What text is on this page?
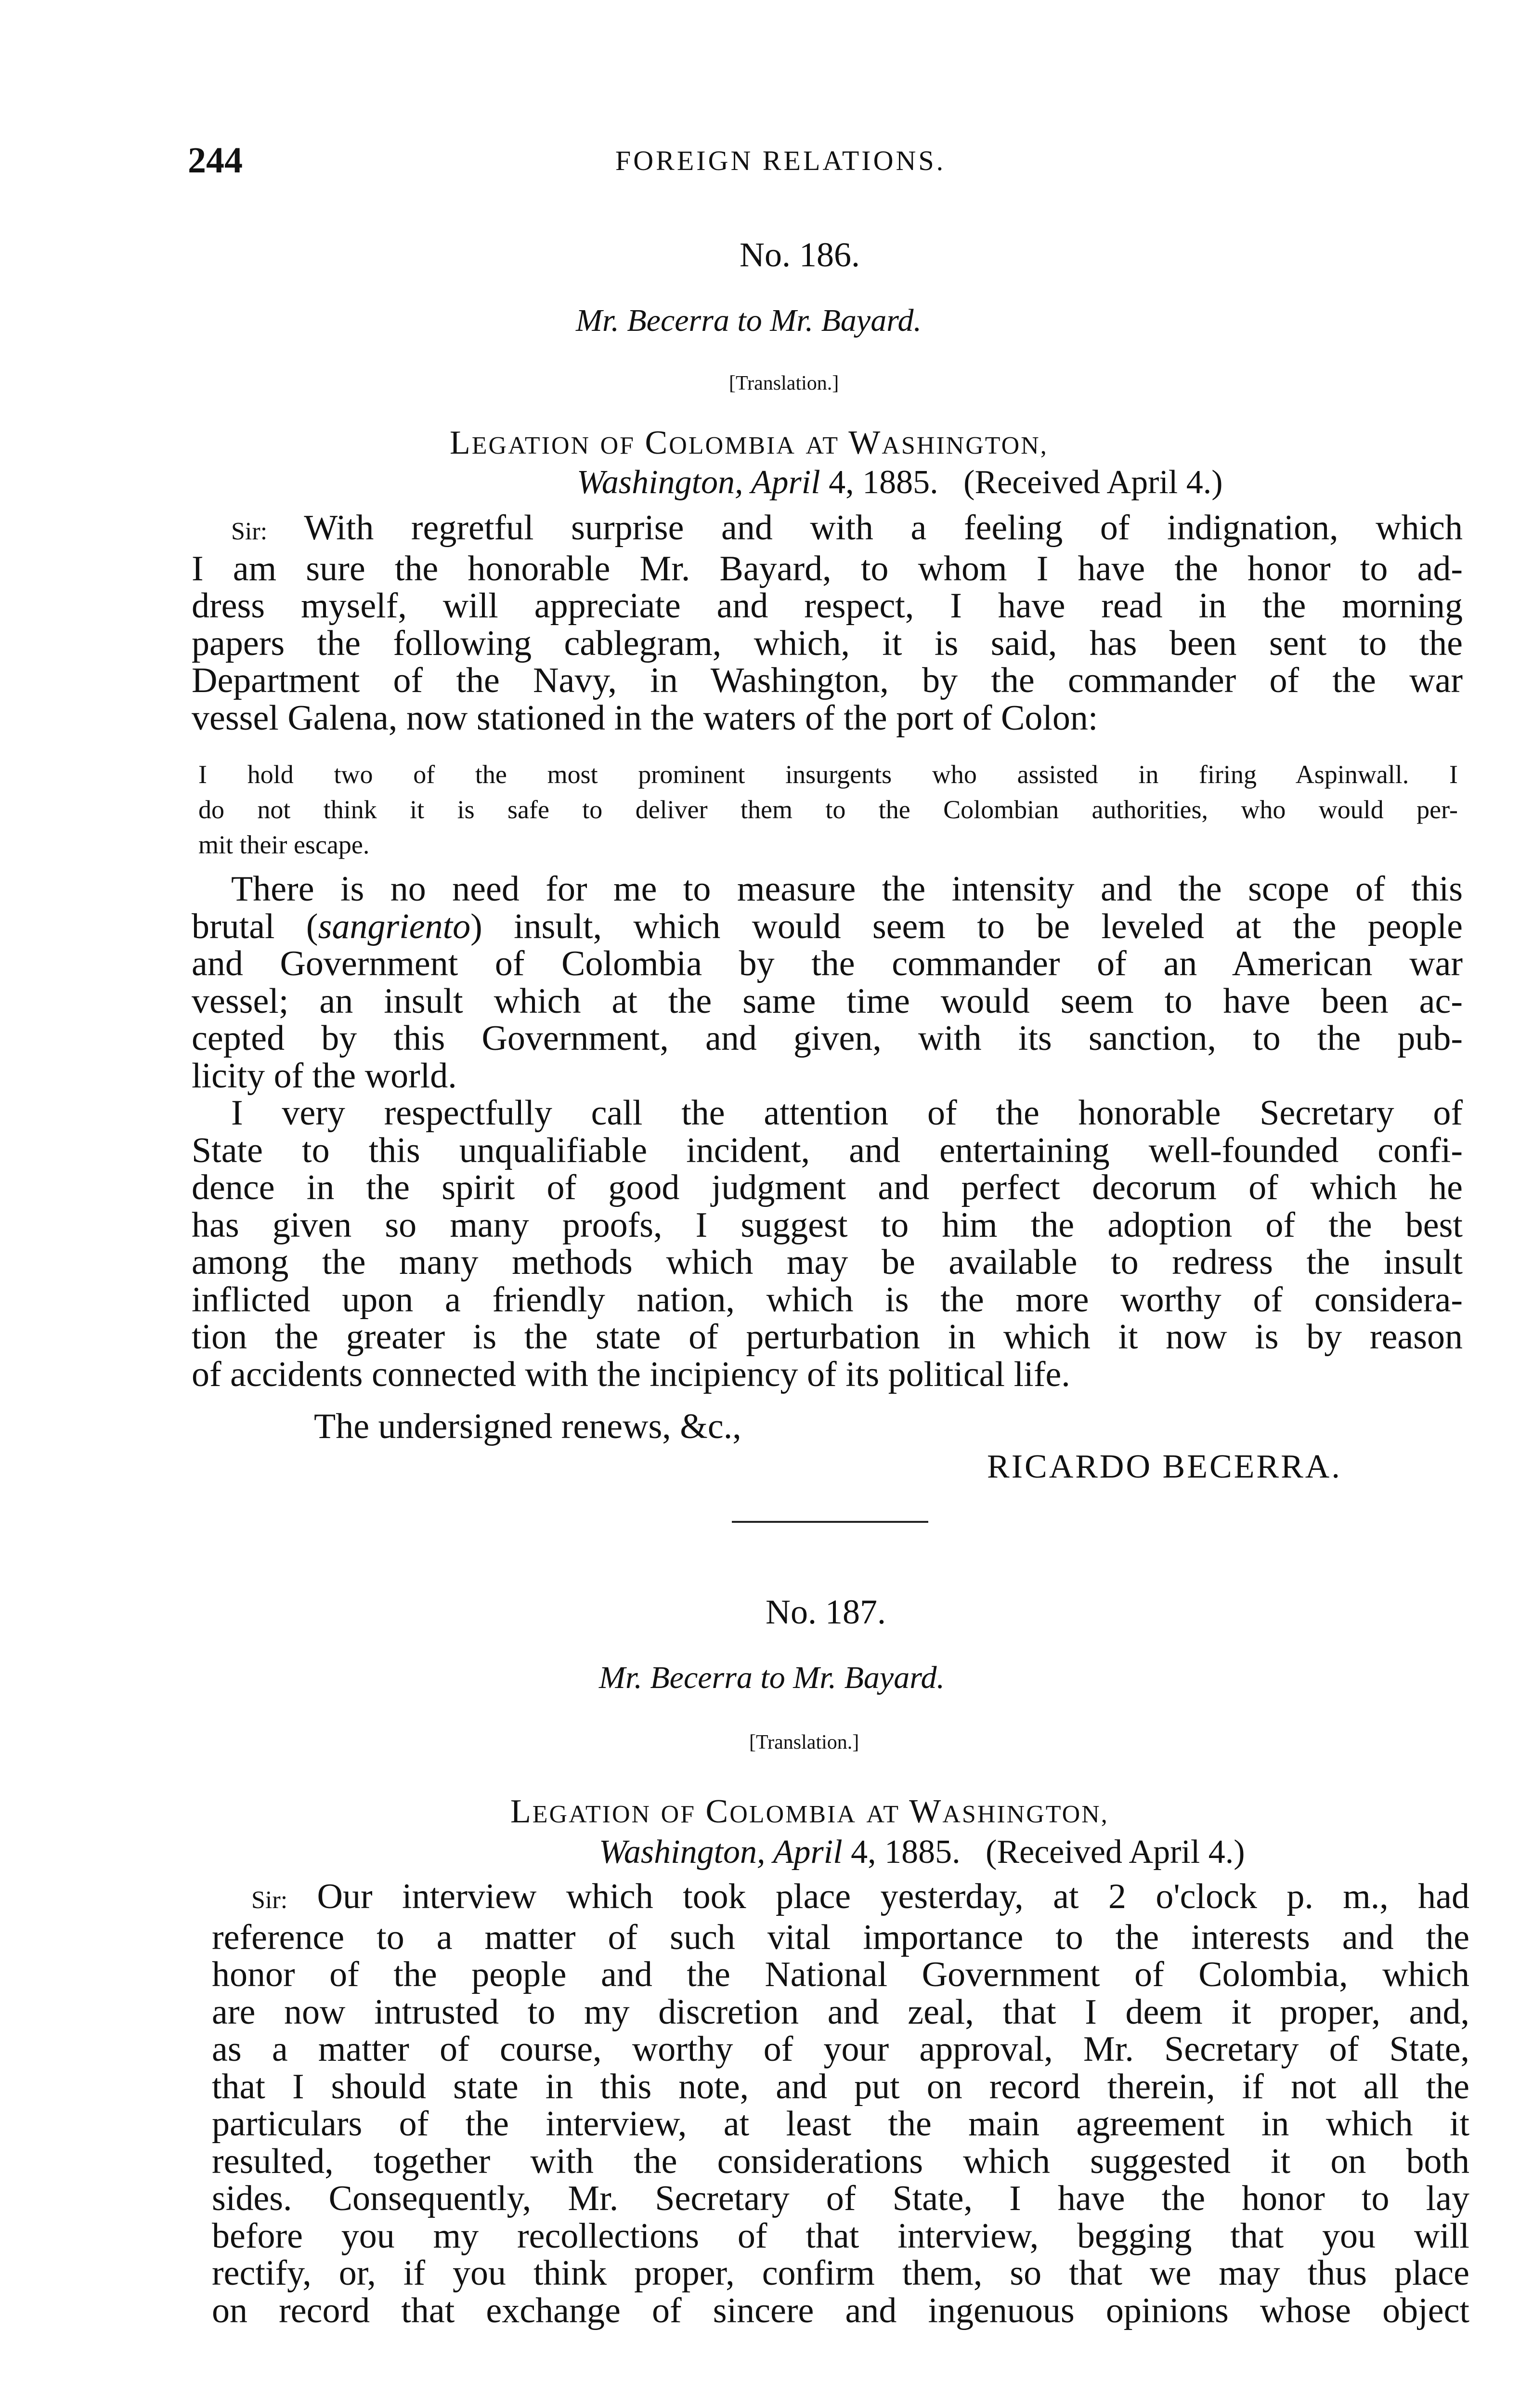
244	FOREIGN RELATIONS.
No. 186.
Mr. Becerra to Mr. Bayard.
[Translation.]
LEGATION OF COLOMBIA AT WASHINGTON,
Washington, April 4, 1885. (Received April 4.)
Sir: With regretful surprise and with a feeling of indignation, which
I am sure the honorable Mr. Bayard, to whom I have the honor to ad-
dress myself, will appreciate and respect, I have read in the morning
papers the following cablegram, which, it is said, has been sent to the
Department of the Navy, in Washington, by the commander of the war
vessel Galena, now stationed in the waters of the port of Colon:
I hold two of the most prominent insurgents who assisted in firing Aspinwall. I
do not think it is safe to deliver them to the Colombian authorities, who would per-
mit their escape.
There is no need for me to measure the intensity and the scope of this
brutal (sangriento) insult, which would seem to be leveled at the people
and Government of Colombia by the commander of an American war
vessel; an insult which at the same time would seem to have been ac-
cepted by this Government, and given, with its sanction, to the pub-
licity of the world.
I very respectfully call the attention of the honorable Secretary of
State to this unqualifiable incident, and entertaining well-founded confi-
dence in the spirit of good judgment and perfect decorum of which he
has given so many proofs, I suggest to him the adoption of the best
among the many methods which may be available to redress the insult
inflicted upon a friendly nation, which is the more worthy of considera-
tion the greater is the state of perturbation in which it now is by reason
of accidents connected with the incipiency of its political life.
The undersigned renews, &c.,
RICARDO BECERRA.
No. 187.
Mr. Becerra to Mr. Bayard.
[Translation.]
LEGATION OF COLOMBIA AT WASHINGTON,
Washington, April 4, 1885. (Received April 4.)
Sir: Our interview which took place yesterday, at 2 o'clock p. m., had
reference to a matter of such vital importance to the interests and the
honor of the people and the National Government of Colombia, which
are now intrusted to my discretion and zeal, that I deem it proper, and,
as a matter of course, worthy of your approval, Mr. Secretary of State,
that I should state in this note, and put on record therein, if not all the
particulars of the interview, at least the main agreement in which it
resulted, together with the considerations which suggested it on both
sides. Consequently, Mr. Secretary of State, I have the honor to lay
before you my recollections of that interview, begging that you will
rectify, or, if you think proper, confirm them, so that we may thus place
on record that exchange of sincere and ingenuous opinions whose object
